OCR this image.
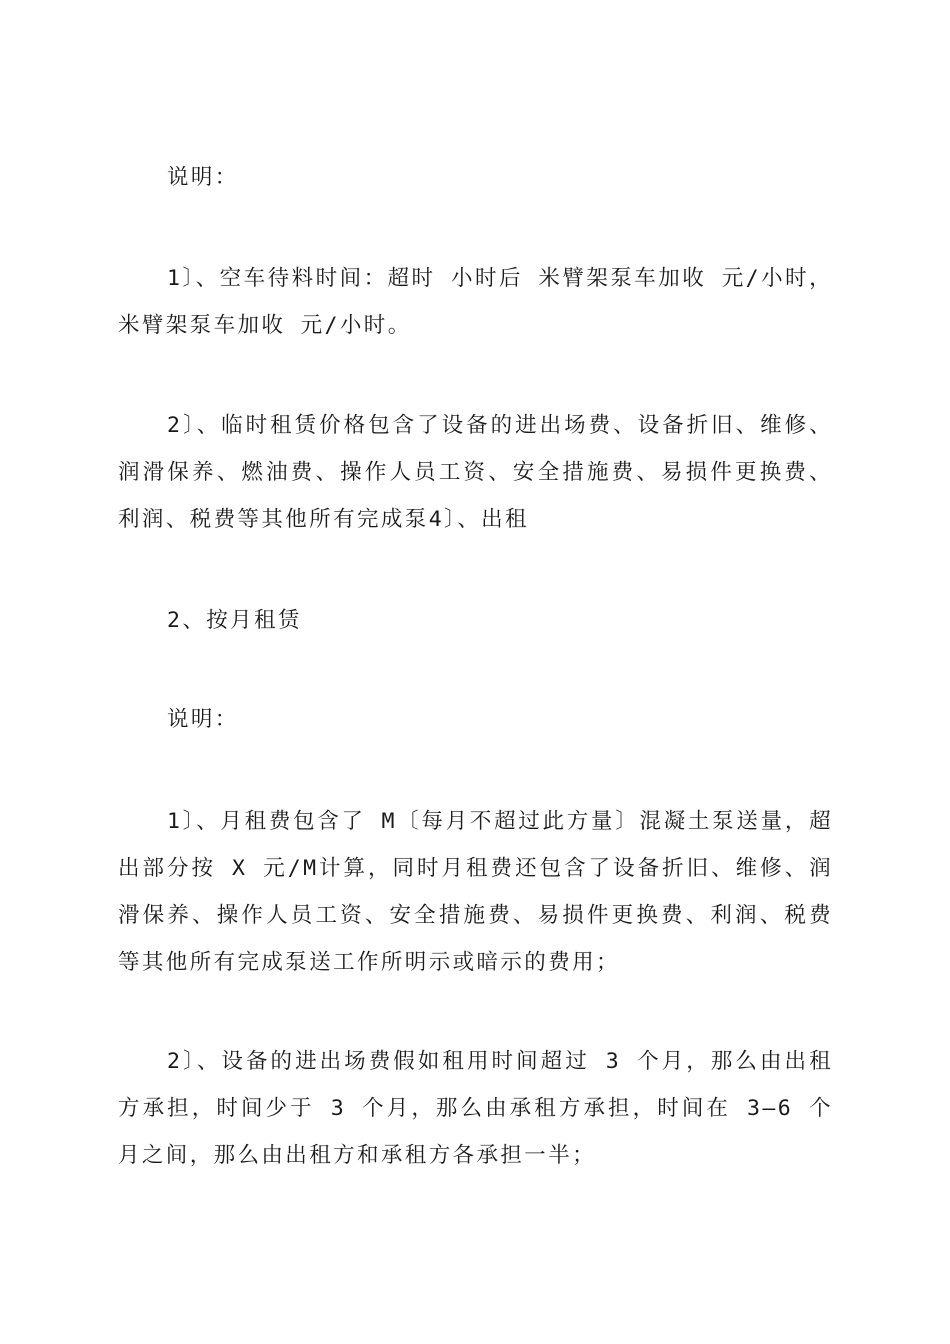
说明：

1〕、空车待料时间：超时 小时后 米臂架泵车加收 元/小时，米臂架泵车加收 元/小时。

2〕、临时租赁价格包含了设备的进出场费、设备折旧、维修、润滑保养、燃油费、操作人员工资、安全措施费、易损件更换费、利润、税费等其他所有完成泵4〕、出租

2、按月租赁

说明：

1〕、月租费包含了 M〔每月不超过此方量〕混凝土泵送量，超出部分按 X 元/M计算，同时月租费还包含了设备折旧、维修、润滑保养、操作人员工资、安全措施费、易损件更换费、利润、税费等其他所有完成泵送工作所明示或暗示的费用；

2〕、设备的进出场费假如租用时间超过 3 个月，那么由出租方承担，时间少于 3 个月，那么由承租方承担，时间在 3—6 个月之间，那么由出租方和承租方各承担一半；
